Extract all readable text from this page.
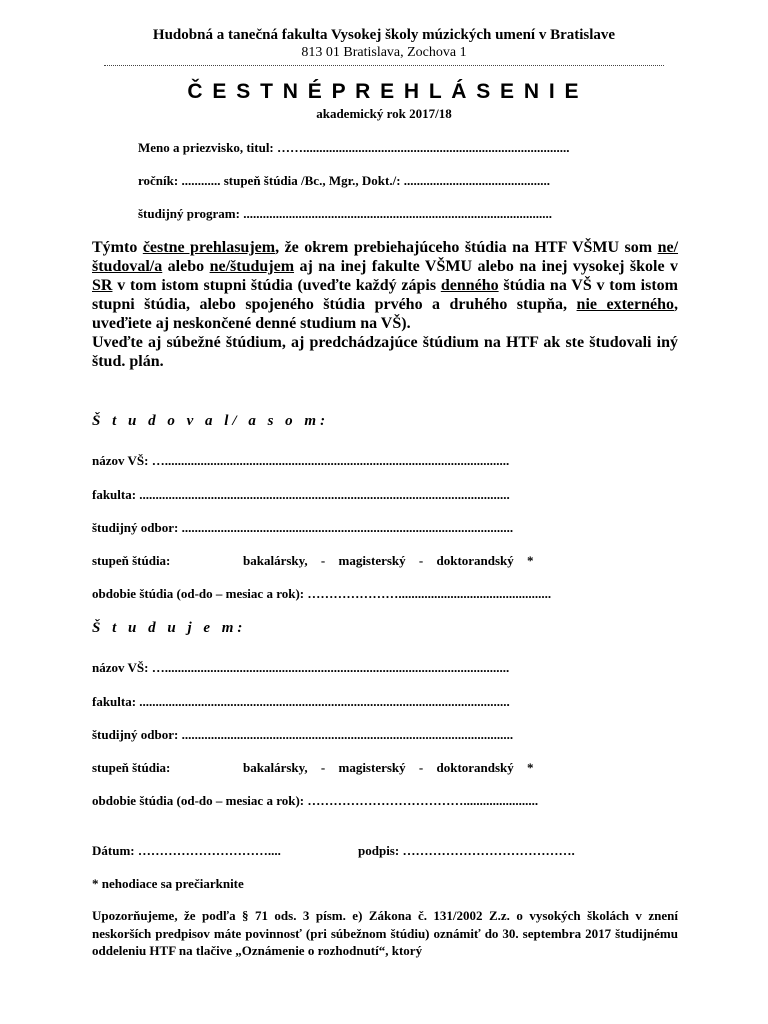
Hudobná a tanečná fakulta Vysokej školy múzických umení v Bratislave
813 01 Bratislava, Zochova 1
Č E S T N É P R E H L Á S E N I E
akademický rok 2017/18
Meno a priezvisko, titul: ……..................................................................................
ročník: ............ stupeň štúdia /Bc., Mgr., Dokt./: .............................................
študijný program: ...............................................................................................
Týmto čestne prehlasujem, že okrem prebiehajúceho štúdia na HTF VŠMU som ne/študoval/a alebo ne/študujem aj na inej fakulte VŠMU alebo na inej vysokej škole v SR v tom istom stupni štúdia (uveďte každý zápis denného štúdia na VŠ v tom istom stupni štúdia, alebo spojeného štúdia prvého a druhého stupňa, nie externého, uveďiete aj neskončené denné studium na VŠ).
Uveďte aj súbežné štúdium, aj predchádzajúce štúdium na HTF ak ste študovali iný štud. plán.
Š t u d o v a l/ a s o m:
názov VŠ: …..........................................................................................................
fakulta: ..................................................................................................................
študijný odbor: ......................................................................................................
stupeň štúdia:	bakalársky, - magisterský - doktorandský *
obdobie štúdia (od-do – mesiac a rok): …………………...............................................
Š t u d u j e m:
názov VŠ: …..........................................................................................................
fakulta: ..................................................................................................................
študijný odbor: ......................................................................................................
stupeň štúdia:	bakalársky, - magisterský - doktorandský *
obdobie štúdia (od-do – mesiac a rok): ……………………………….......................
Dátum: …………………………....	podpis: ………………………………….
* nehodiace sa prečiarknite
Upozorňujeme, že podľa § 71 ods. 3 písm. e) Zákona č. 131/2002 Z.z. o vysokých školách v znení neskorších predpisov máte povinnosť (pri súbežnom štúdiu) oznámiť do 30. septembra 2017 študijnému oddeleniu HTF na tlačive „Oznámenie o rozhodnutí“, ktorý
